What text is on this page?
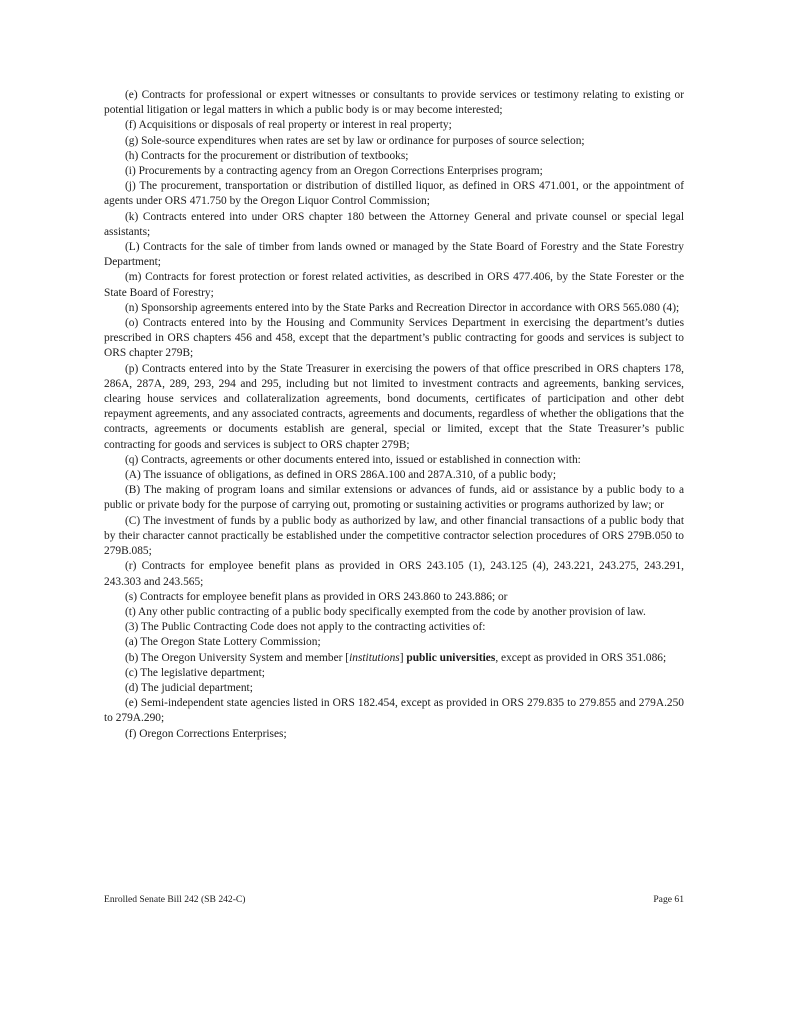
(e) Contracts for professional or expert witnesses or consultants to provide services or testimony relating to existing or potential litigation or legal matters in which a public body is or may become interested;

(f) Acquisitions or disposals of real property or interest in real property;

(g) Sole-source expenditures when rates are set by law or ordinance for purposes of source selection;

(h) Contracts for the procurement or distribution of textbooks;

(i) Procurements by a contracting agency from an Oregon Corrections Enterprises program;

(j) The procurement, transportation or distribution of distilled liquor, as defined in ORS 471.001, or the appointment of agents under ORS 471.750 by the Oregon Liquor Control Commission;

(k) Contracts entered into under ORS chapter 180 between the Attorney General and private counsel or special legal assistants;

(L) Contracts for the sale of timber from lands owned or managed by the State Board of Forestry and the State Forestry Department;

(m) Contracts for forest protection or forest related activities, as described in ORS 477.406, by the State Forester or the State Board of Forestry;

(n) Sponsorship agreements entered into by the State Parks and Recreation Director in accordance with ORS 565.080 (4);

(o) Contracts entered into by the Housing and Community Services Department in exercising the department’s duties prescribed in ORS chapters 456 and 458, except that the department’s public contracting for goods and services is subject to ORS chapter 279B;

(p) Contracts entered into by the State Treasurer in exercising the powers of that office prescribed in ORS chapters 178, 286A, 287A, 289, 293, 294 and 295, including but not limited to investment contracts and agreements, banking services, clearing house services and collateralization agreements, bond documents, certificates of participation and other debt repayment agreements, and any associated contracts, agreements and documents, regardless of whether the obligations that the contracts, agreements or documents establish are general, special or limited, except that the State Treasurer’s public contracting for goods and services is subject to ORS chapter 279B;

(q) Contracts, agreements or other documents entered into, issued or established in connection with:

(A) The issuance of obligations, as defined in ORS 286A.100 and 287A.310, of a public body;

(B) The making of program loans and similar extensions or advances of funds, aid or assistance by a public body to a public or private body for the purpose of carrying out, promoting or sustaining activities or programs authorized by law; or

(C) The investment of funds by a public body as authorized by law, and other financial transactions of a public body that by their character cannot practically be established under the competitive contractor selection procedures of ORS 279B.050 to 279B.085;

(r) Contracts for employee benefit plans as provided in ORS 243.105 (1), 243.125 (4), 243.221, 243.275, 243.291, 243.303 and 243.565;

(s) Contracts for employee benefit plans as provided in ORS 243.860 to 243.886; or

(t) Any other public contracting of a public body specifically exempted from the code by another provision of law.

(3) The Public Contracting Code does not apply to the contracting activities of:

(a) The Oregon State Lottery Commission;

(b) The Oregon University System and member [institutions] public universities, except as provided in ORS 351.086;

(c) The legislative department;

(d) The judicial department;

(e) Semi-independent state agencies listed in ORS 182.454, except as provided in ORS 279.835 to 279.855 and 279A.250 to 279A.290;

(f) Oregon Corrections Enterprises;

Enrolled Senate Bill 242 (SB 242-C)	Page 61
